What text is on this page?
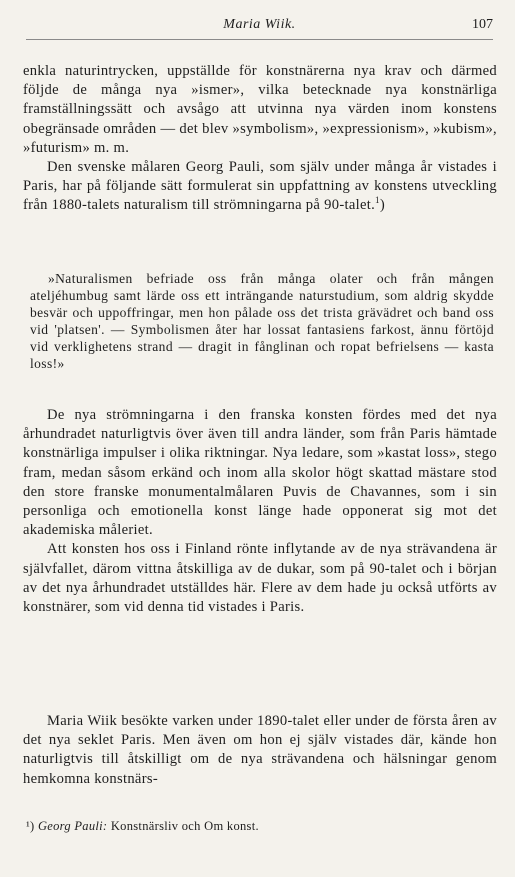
Maria Wiik.	107

enkla naturintrycken, uppställde för konstnärerna nya krav och därmed följde de många nya »ismer», vilka betecknade nya konstnärliga framställningssätt och avsågo att utvinna nya värden inom konstens obegränsade områden — det blev »symbolism», »expressionism», »kubism», »futurism» m. m.

Den svenske målaren Georg Pauli, som själv under många år vistades i Paris, har på följande sätt formulerat sin uppfattning av konstens utveckling från 1880-talets naturalism till strömningarna på 90-talet.$^1$)

»Naturalismen befriade oss från många olater och från mången ateljéhumbug samt lärde oss ett inträngande naturstudium, som aldrig skydde besvär och uppoffringar, men hon pålade oss det trista grävädret och band oss vid 'platsen'. — Symbolismen åter har lossat fantasiens farkost, ännu förtöjd vid verklighetens strand — dragit in fånglinan och ropat befrielsens — kasta loss!»

De nya strömningarna i den franska konsten fördes med det nya århundradet naturligtvis över även till andra länder, som från Paris hämtade konstnärliga impulser i olika riktningar. Nya ledare, som »kastat loss», stego fram, medan såsom erkänd och inom alla skolor högt skattad mästare stod den store franske monumentalmålaren Puvis de Chavannes, som i sin personliga och emotionella konst länge hade opponerat sig mot det akademiska måleriet.

Att konsten hos oss i Finland rönte inflytande av de nya strävandena är självfallet, därom vittna åtskilliga av de dukar, som på 90-talet och i början av det nya århundradet utställdes här. Flere av dem hade ju också utförts av konstnärer, som vid denna tid vistades i Paris.

Maria Wiik besökte varken under 1890-talet eller under de första åren av det nya seklet Paris. Men även om hon ej själv vistades där, kände hon naturligtvis till åtskilligt om de nya strävandena och hälsningar genom hemkomna konstnärs-

¹) Georg Pauli: Konstnärsliv och Om konst.
